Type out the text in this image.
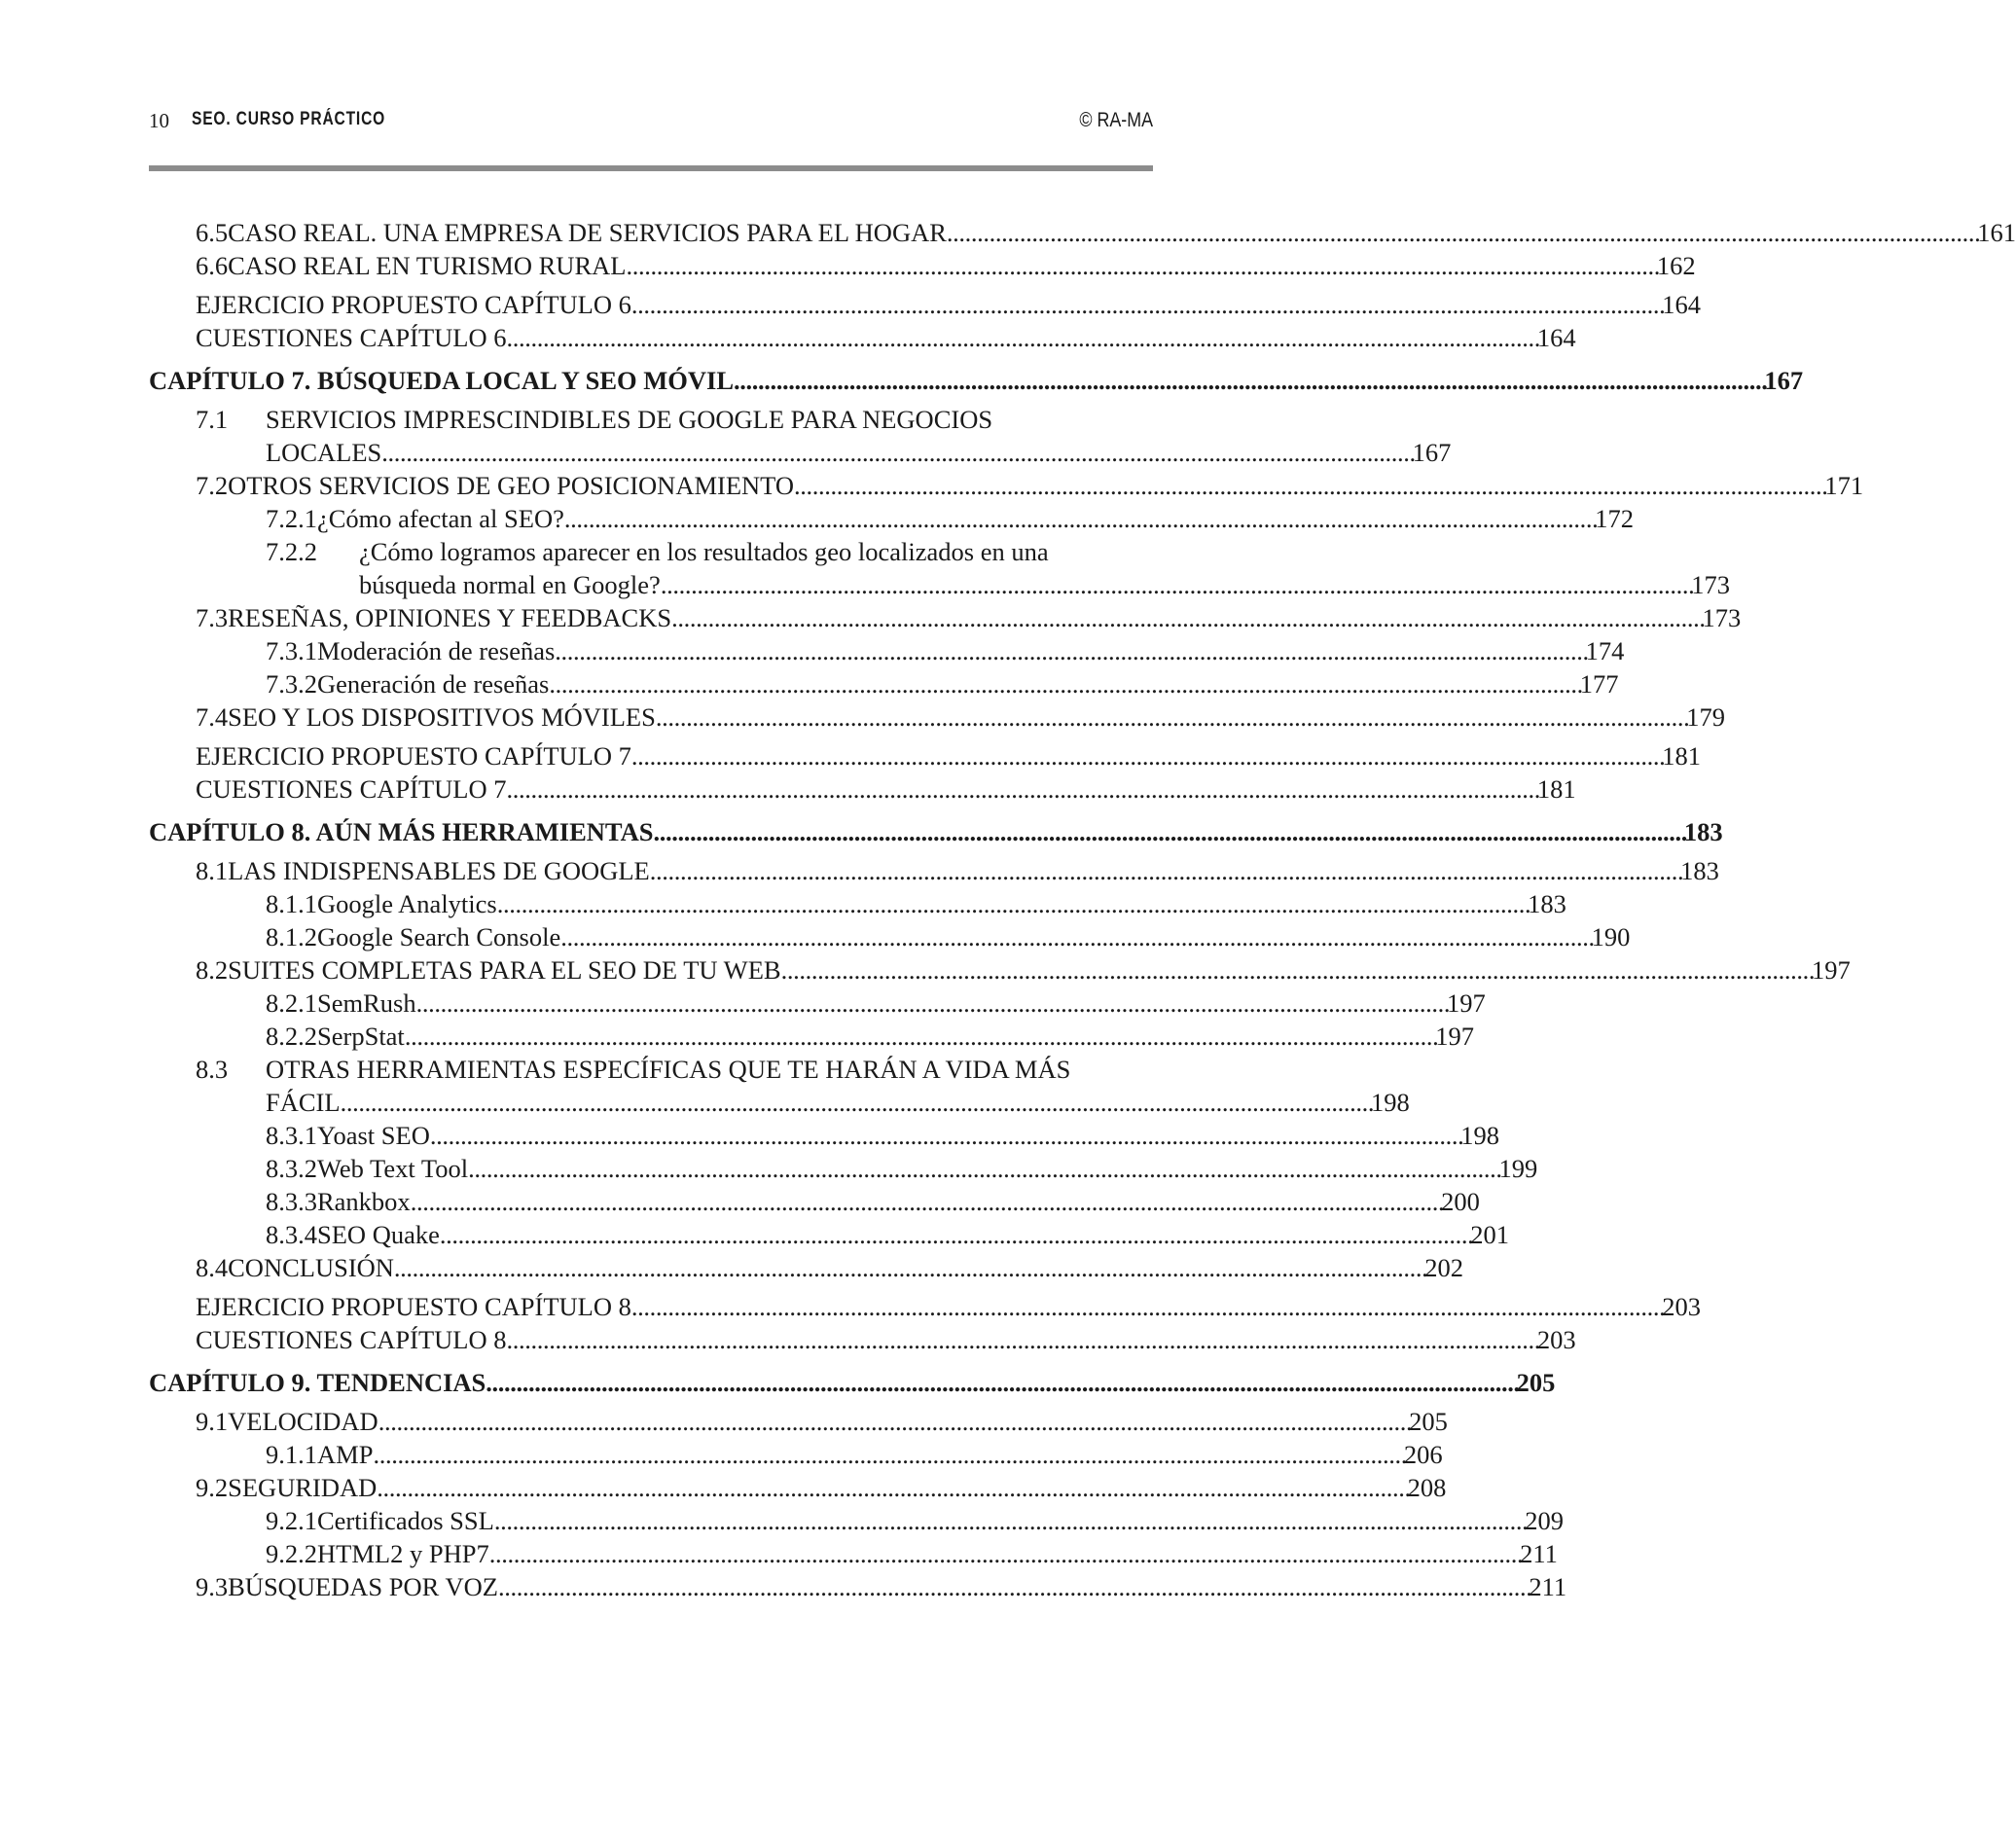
10 SEO. CURSO PRÁCTICO	© RA-MA
6.5 CASO REAL. UNA EMPRESA DE SERVICIOS PARA EL HOGAR . . .	161
6.6 CASO REAL EN TURISMO RURAL . . .	162
EJERCICIO PROPUESTO CAPÍTULO 6 . . .	164
CUESTIONES CAPÍTULO 6 . . .	164
CAPÍTULO 7. BÚSQUEDA LOCAL Y SEO MÓVIL . . .	167
7.1	SERVICIOS IMPRESCINDIBLES DE GOOGLE PARA NEGOCIOS
LOCALES . . .	167
7.2 OTROS SERVICIOS DE GEO POSICIONAMIENTO . . .	171
7.2.1 ¿Cómo afectan al SEO? . . .	172
7.2.2	¿Cómo logramos aparecer en los resultados geo localizados en una
búsqueda normal en Google? . . .	173
7.3 RESEÑAS, OPINIONES Y FEEDBACKS . . .	173
7.3.1 Moderación de reseñas . . .	174
7.3.2 Generación de reseñas . . .	177
7.4 SEO Y LOS DISPOSITIVOS MÓVILES . . .	179
EJERCICIO PROPUESTO CAPÍTULO 7 . . .	181
CUESTIONES CAPÍTULO 7 . . .	181
CAPÍTULO 8. AÚN MÁS HERRAMIENTAS . . .	183
8.1 LAS INDISPENSABLES DE GOOGLE . . .	183
8.1.1 Google Analytics . . .	183
8.1.2 Google Search Console . . .	190
8.2 SUITES COMPLETAS PARA EL SEO DE TU WEB . . .	197
8.2.1 SemRush . . .	197
8.2.2 SerpStat . . .	197
8.3	OTRAS HERRAMIENTAS ESPECÍFICAS QUE TE HARÁN A VIDA MÁS
FÁCIL . . .	198
8.3.1 Yoast SEO . . .	198
8.3.2 Web Text Tool . . .	199
8.3.3 Rankbox . . .	200
8.3.4 SEO Quake . . .	201
8.4 CONCLUSIÓN . . .	202
EJERCICIO PROPUESTO CAPÍTULO 8 . . .	203
CUESTIONES CAPÍTULO 8 . . .	203
CAPÍTULO 9. TENDENCIAS . . .	205
9.1 VELOCIDAD . . .	205
9.1.1 AMP . . .	206
9.2 SEGURIDAD . . .	208
9.2.1 Certificados SSL . . .	209
9.2.2 HTML2 y PHP7 . . .	211
9.3 BÚSQUEDAS POR VOZ . . .	211
